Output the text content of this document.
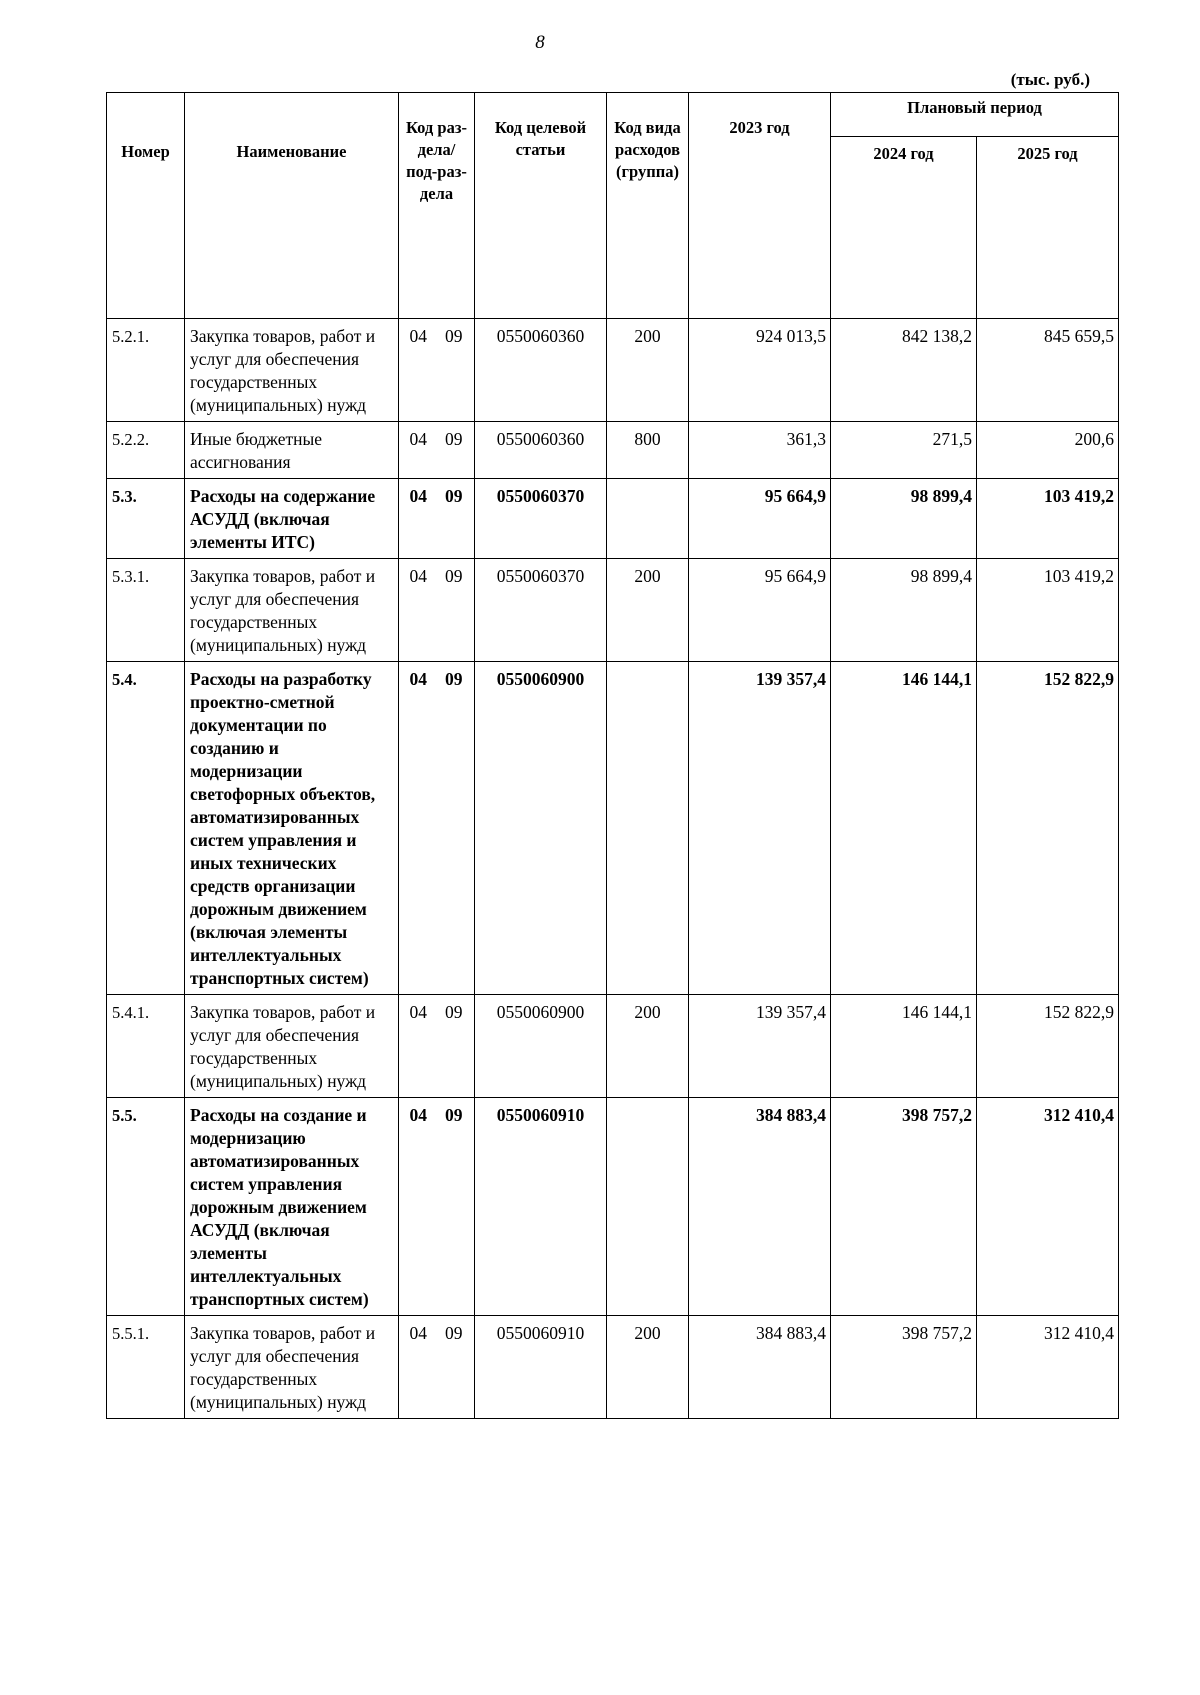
8
(тыс. руб.)
Номер	Наименование	Код раз-дела/ под-раз-дела		Код целевой статьи	Код вида расходов (группа)	2023 год	Плановый период	
							2024 год	2025 год
5.2.1.	Закупка товаров, работ и услуг для обеспечения государственных (муниципальных) нужд	04	09	0550060360	200	924 013,5	842 138,2	845 659,5
5.2.2.	Иные бюджетные ассигнования	04	09	0550060360	800	361,3	271,5	200,6
5.3.	Расходы на содержание АСУДД (включая элементы ИТС)	04	09	0550060370		95 664,9	98 899,4	103 419,2
5.3.1.	Закупка товаров, работ и услуг для обеспечения государственных (муниципальных) нужд	04	09	0550060370	200	95 664,9	98 899,4	103 419,2
5.4.	Расходы на разработку проектно-сметной документации по созданию и модернизации светофорных объектов, автоматизированных систем управления и иных технических средств организации дорожным движением (включая элементы интеллектуальных транспортных систем)	04	09	0550060900		139 357,4	146 144,1	152 822,9
5.4.1.	Закупка товаров, работ и услуг для обеспечения государственных (муниципальных) нужд	04	09	0550060900	200	139 357,4	146 144,1	152 822,9
5.5.	Расходы на создание и модернизацию автоматизированных систем управления дорожным движением АСУДД (включая элементы интеллектуальных транспортных систем)	04	09	0550060910		384 883,4	398 757,2	312 410,4
5.5.1.	Закупка товаров, работ и услуг для обеспечения государственных (муниципальных) нужд	04	09	0550060910	200	384 883,4	398 757,2	312 410,4
